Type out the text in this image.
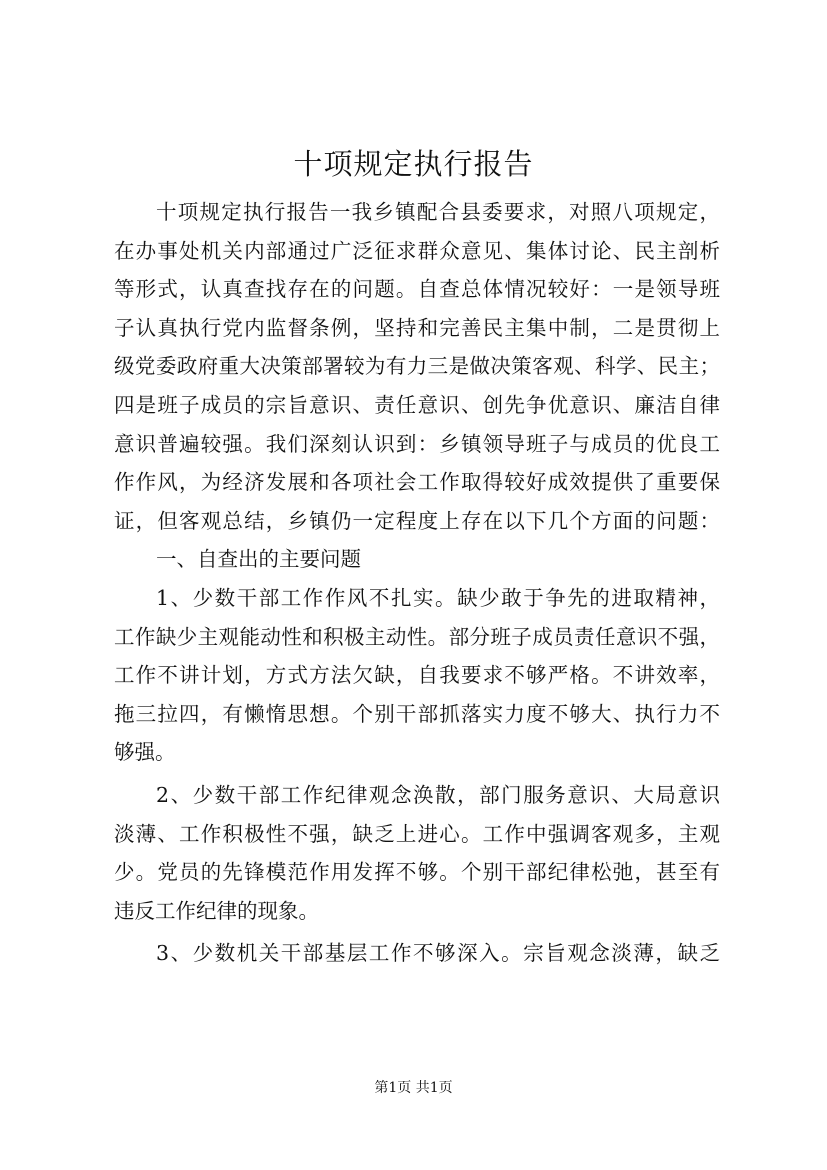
十项规定执行报告
十项规定执行报告一我乡镇配合县委要求，对照八项规定，
在办事处机关内部通过广泛征求群众意见、集体讨论、民主剖析
等形式，认真查找存在的问题。自查总体情况较好：一是领导班
子认真执行党内监督条例，坚持和完善民主集中制，二是贯彻上
级党委政府重大决策部署较为有力三是做决策客观、科学、民主；
四是班子成员的宗旨意识、责任意识、创先争优意识、廉洁自律
意识普遍较强。我们深刻认识到：乡镇领导班子与成员的优良工
作作风，为经济发展和各项社会工作取得较好成效提供了重要保
证，但客观总结，乡镇仍一定程度上存在以下几个方面的问题：
一、自查出的主要问题
1、少数干部工作作风不扎实。缺少敢于争先的进取精神，
工作缺少主观能动性和积极主动性。部分班子成员责任意识不强，
工作不讲计划，方式方法欠缺，自我要求不够严格。不讲效率，
拖三拉四，有懒惰思想。个别干部抓落实力度不够大、执行力不
够强。
2、少数干部工作纪律观念涣散，部门服务意识、大局意识
淡薄、工作积极性不强，缺乏上进心。工作中强调客观多，主观
少。党员的先锋模范作用发挥不够。个别干部纪律松弛，甚至有
违反工作纪律的现象。
3、少数机关干部基层工作不够深入。宗旨观念淡薄，缺乏
第1页 共1页
